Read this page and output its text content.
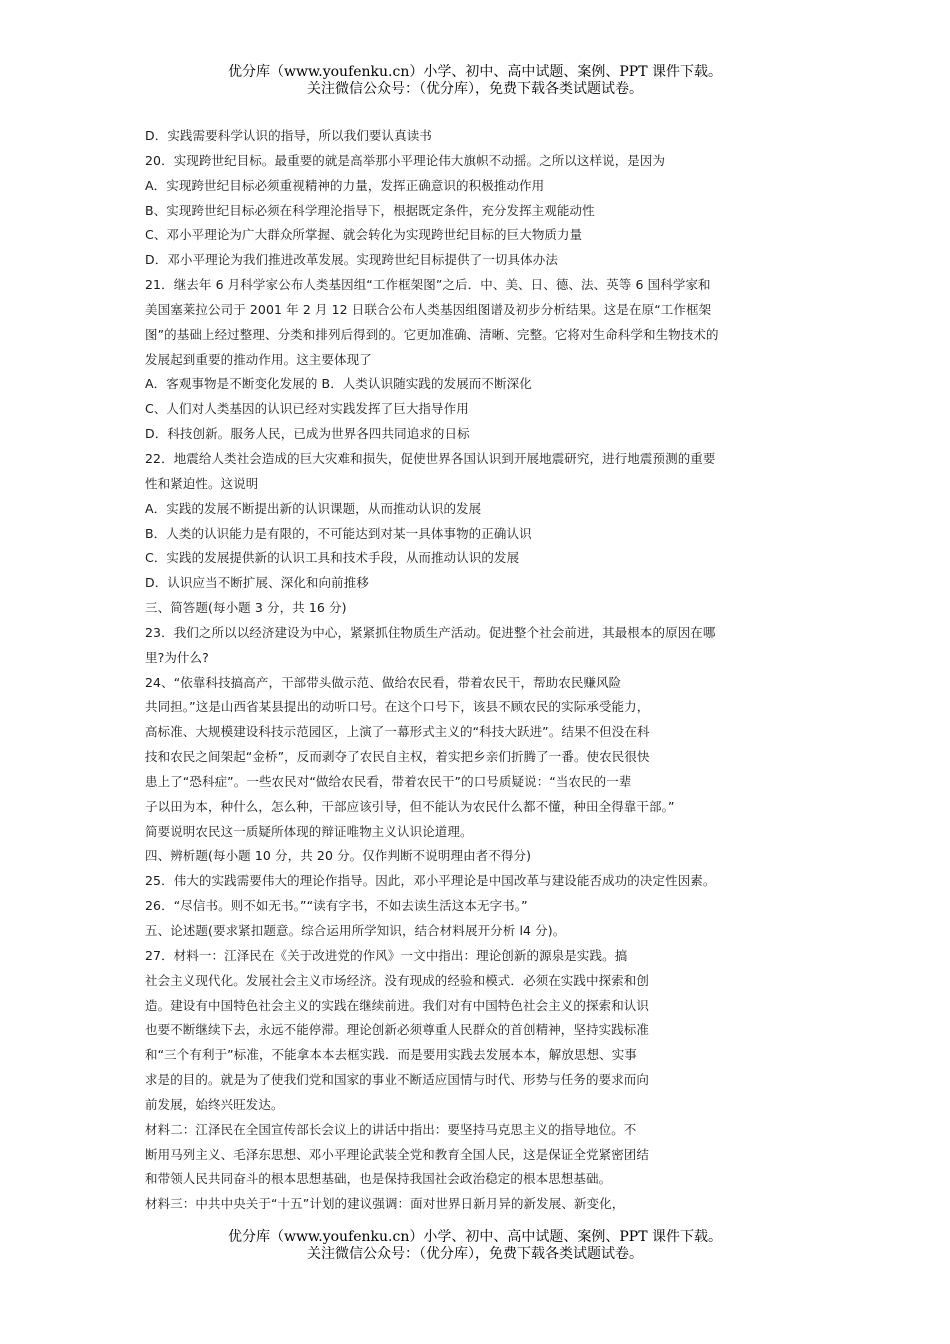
优分库（www.youfenku.cn）小学、初中、高中试题、案例、PPT 课件下载。
关注微信公众号：（优分库），免费下载各类试题试卷。
D．实践需要科学认识的指导，所以我们要认真读书
20．实现跨世纪目标。最重要的就是高举那小平理论伟大旗帜不动摇。之所以这样说，是因为
A．实现跨世纪目标必须重视精神的力量，发挥正确意识的积极推动作用
B、实现跨世纪目标必须在科学理沦指导下，根据既定条件，充分发挥主观能动性
C、邓小平理论为广大群众所掌握、就会转化为实现跨世纪目标的巨大物质力量
D．邓小平理论为我们推进改革发展。实现跨世纪目标提供了一切具体办法
21．继去年 6 月科学家公布人类基因组“工作框架图”之后．中、美、日、德、法、英等 6 国科学家和
美国塞莱拉公司于 2001 年 2 月 12 日联合公布人类基因组图谱及初步分析结果。这是在原“工作框架
图”的基础上经过整理、分类和排列后得到的。它更加准确、清晰、完整。它将对生命科学和生物技术的
发展起到重要的推动作用。这主要体现了
A．客观事物是不断变化发展的 B．人类认识随实践的发展而不断深化
C、人们对人类基因的认识已经对实践发挥了巨大指导作用
D．科技创新。服务人民，已成为世界各四共同追求的日标
22．地震给人类社会造成的巨大灾难和损失，促使世界各国认识到开展地震研究，进行地震预测的重要
性和紧迫性。这说明
A．实践的发展不断提出新的认识课题，从而推动认识的发展
B．人类的认识能力是有限的，不可能达到对某一具体事物的正确认识
C．实践的发展提供新的认识工具和技术手段，从而推动认识的发展
D．认识应当不断扩展、深化和向前推移
三、简答题(每小题 3 分，共 16 分)
23．我们之所以以经济建设为中心，紧紧抓住物质生产活动。促进整个社会前进，其最根本的原因在哪
里?为什么?
24、“依靠科技搞高产，干部带头做示范、做给农民看，带着农民干，帮助农民赚风险
共同担。”这是山西省某县提出的动听口号。在这个口号下，该县不顾农民的实际承受能力，
高标准、大规模建设科技示范园区，上演了一幕形式主义的“科技大跃进”。结果不但没在科
技和农民之间架起“金桥”，反而剥夺了农民自主权，着实把乡亲们折腾了一番。使农民很快
患上了“恐科症”。一些农民对“做给农民看，带着农民干”的口号质疑说：“当农民的一辈
子以田为本，种什么，怎么种，干部应该引导，但不能认为农民什么都不懂，种田全得靠干部。”
简要说明农民这一质疑所体现的辩证唯物主义认识论道理。
四、辨析题(每小题 10 分，共 20 分。仅作判断不说明理由者不得分)
25．伟大的实践需要伟大的理论作指导。因此，邓小平理论是中国改革与建设能否成功的决定性因素。
26．“尽信书。则不如无书。”“读有字书，不如去读生活这本无字书。”
五、论述题(要求紧扣题意。综合运用所学知识，结合材料展开分析 l4 分)。
27．材料一：江泽民在《关于改进党的作风》一文中指出：理论创新的源泉是实践。搞
社会主义现代化。发展社会主义市场经济。没有现成的经验和模式．必须在实践中探索和创
造。建设有中国特色社会主义的实践在继续前进。我们对有中国特色社会主义的探索和认识
也要不断继续下去，永远不能停滞。理论创新必须尊重人民群众的首创精神，坚持实践标准
和“三个有利于”标准，不能拿本本去框实践．而是要用实践去发展本本，解放思想、实事
求是的目的。就是为了使我们党和国家的事业不断适应国情与时代、形势与任务的要求而向
前发展，始终兴旺发达。
材料二：江泽民在全国宣传部长会议上的讲话中指出：要坚持马克思主义的指导地位。不
断用马列主义、毛泽东思想、邓小平理论武装全党和教育全国人民，这是保证全党紧密团结
和带领人民共同奋斗的根本思想基础，也是保持我国社会政治稳定的根本思想基础。
材料三：中共中央关于“十五”计划的建议强调：面对世界日新月异的新发展、新变化，
优分库（www.youfenku.cn）小学、初中、高中试题、案例、PPT 课件下载。
关注微信公众号：（优分库），免费下载各类试题试卷。
